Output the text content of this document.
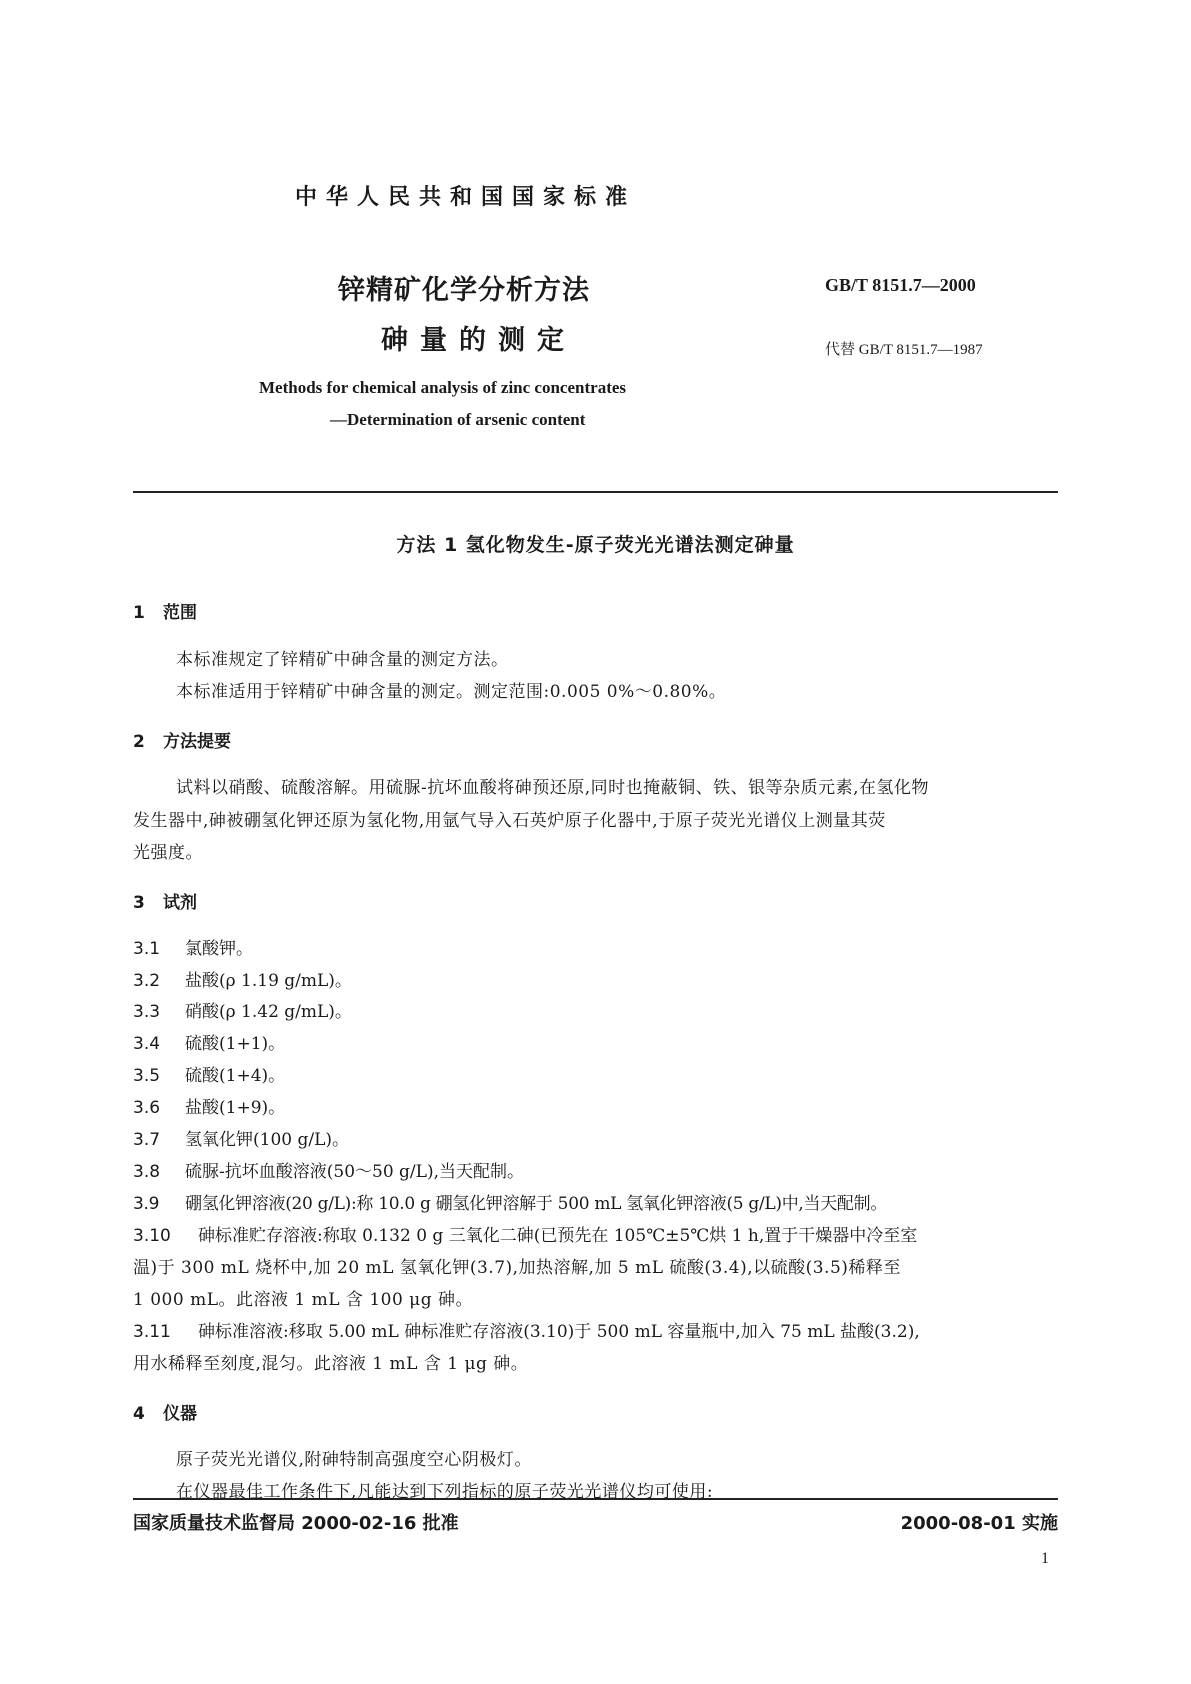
中华人民共和国国家标准
锌精矿化学分析方法
砷量的测定
GB/T 8151.7—2000
代替 GB/T 8151.7—1987
Methods for chemical analysis of zinc concentrates
—Determination of arsenic content
方法 1 氢化物发生-原子荧光光谱法测定砷量
1 范围
本标准规定了锌精矿中砷含量的测定方法。
本标准适用于锌精矿中砷含量的测定。测定范围:0.005 0%～0.80%。
2 方法提要
试料以硝酸、硫酸溶解。用硫脲-抗坏血酸将砷预还原,同时也掩蔽铜、铁、银等杂质元素,在氢化物
发生器中,砷被硼氢化钾还原为氢化物,用氩气导入石英炉原子化器中,于原子荧光光谱仪上测量其荧
光强度。
3 试剂
3.1 氯酸钾。
3.2 盐酸(ρ 1.19 g/mL)。
3.3 硝酸(ρ 1.42 g/mL)。
3.4 硫酸(1+1)。
3.5 硫酸(1+4)。
3.6 盐酸(1+9)。
3.7 氢氧化钾(100 g/L)。
3.8 硫脲-抗坏血酸溶液(50～50 g/L),当天配制。
3.9 硼氢化钾溶液(20 g/L):称 10.0 g 硼氢化钾溶解于 500 mL 氢氧化钾溶液(5 g/L)中,当天配制。
3.10 砷标准贮存溶液:称取 0.132 0 g 三氧化二砷(已预先在 105℃±5℃烘 1 h,置于干燥器中冷至室
温)于 300 mL 烧杯中,加 20 mL 氢氧化钾(3.7),加热溶解,加 5 mL 硫酸(3.4),以硫酸(3.5)稀释至
1 000 mL。此溶液 1 mL 含 100 μg 砷。
3.11 砷标准溶液:移取 5.00 mL 砷标准贮存溶液(3.10)于 500 mL 容量瓶中,加入 75 mL 盐酸(3.2),
用水稀释至刻度,混匀。此溶液 1 mL 含 1 μg 砷。
4 仪器
原子荧光光谱仪,附砷特制高强度空心阴极灯。
在仪器最佳工作条件下,凡能达到下列指标的原子荧光光谱仪均可使用:
国家质量技术监督局 2000-02-16 批准	2000-08-01 实施
1
